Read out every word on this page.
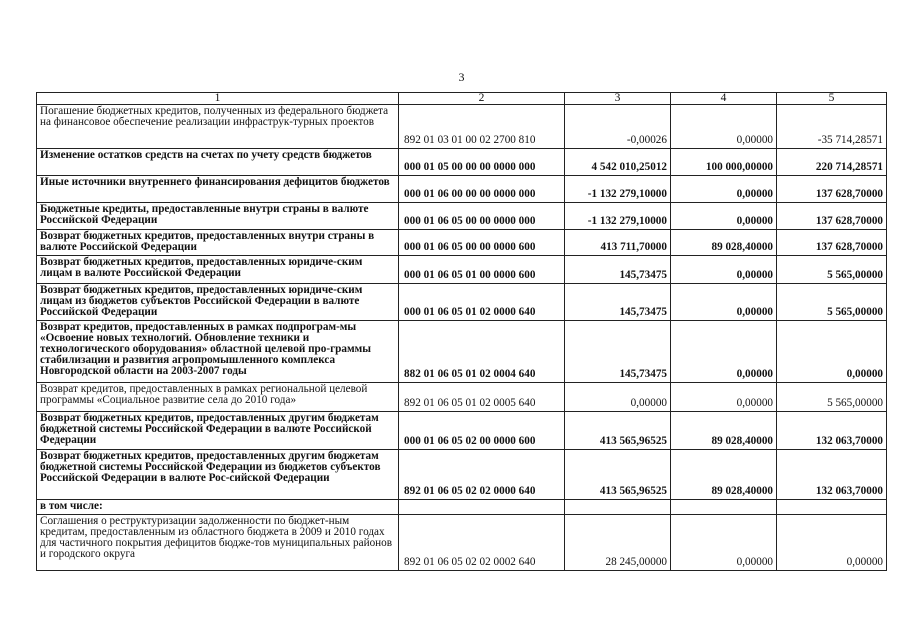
3
1	2	3	4	5
Погашение бюджетных кредитов, полученных из федерального бюджета на финансовое обеспечение реализации инфраструк-турных проектов	892 01 03 01 00 02 2700 810	-0,00026	0,00000	-35 714,28571
Изменение остатков средств на счетах по учету средств бюджетов	000 01 05 00 00 00 0000 000	4 542 010,25012	100 000,00000	220 714,28571
Иные источники внутреннего финансирования дефицитов бюджетов	000 01 06 00 00 00 0000 000	-1 132 279,10000	0,00000	137 628,70000
Бюджетные кредиты, предоставленные внутри страны в валюте Российской Федерации	000 01 06 05 00 00 0000 000	-1 132 279,10000	0,00000	137 628,70000
Возврат бюджетных кредитов, предоставленных внутри страны в валюте Российской Федерации	000 01 06 05 00 00 0000 600	413 711,70000	89 028,40000	137 628,70000
Возврат бюджетных кредитов, предоставленных юридиче-ским лицам в валюте Российской Федерации	000 01 06 05 01 00 0000 600	145,73475	0,00000	5 565,00000
Возврат бюджетных кредитов, предоставленных юридиче-ским лицам из бюджетов субъектов Российской Федерации в валюте Российской Федерации	000 01 06 05 01 02 0000 640	145,73475	0,00000	5 565,00000
Возврат кредитов, предоставленных в рамках подпрограм-мы «Освоение новых технологий. Обновление техники и технологического оборудования» областной целевой про-граммы стабилизации и развития агропромышленного комплекса Новгородской области на 2003-2007 годы	882 01 06 05 01 02 0004 640	145,73475	0,00000	0,00000
Возврат кредитов, предоставленных в рамках региональной целевой программы «Социальное развитие села до 2010 года»	892 01 06 05 01 02 0005 640	0,00000	0,00000	5 565,00000
Возврат бюджетных кредитов, предоставленных другим бюджетам бюджетной системы Российской Федерации в валюте Российской Федерации	000 01 06 05 02 00 0000 600	413 565,96525	89 028,40000	132 063,70000
Возврат бюджетных кредитов, предоставленных другим бюджетам бюджетной системы Российской Федерации из бюджетов субъектов Российской Федерации в валюте Рос-сийской Федерации	892 01 06 05 02 02 0000 640	413 565,96525	89 028,40000	132 063,70000
в том числе:				
Соглашения о реструктуризации задолженности по бюджет-ным кредитам, предоставленным из областного бюджета в 2009 и 2010 годах для частичного покрытия дефицитов бюдже-тов муниципальных районов и городского округа	892 01 06 05 02 02 0002 640	28 245,00000	0,00000	0,00000
